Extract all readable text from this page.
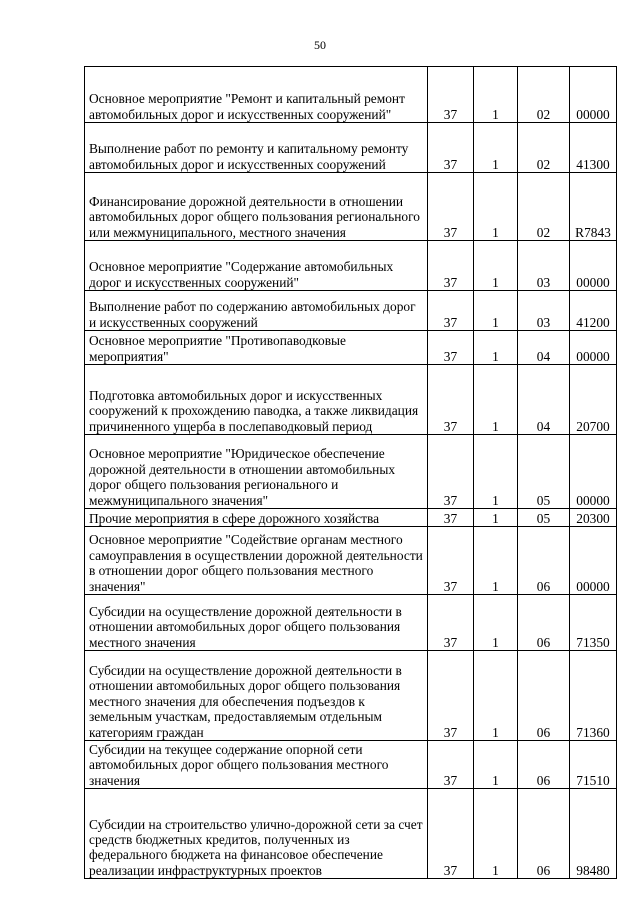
50
Основное мероприятие "Ремонт и капитальный ремонт автомобильных дорог и искусственных сооружений"	37	1	02	00000
Выполнение работ по ремонту и капитальному ремонту автомобильных дорог и искусственных сооружений	37	1	02	41300
Финансирование дорожной деятельности в отношении автомобильных дорог общего пользования регионального или межмуниципального, местного значения	37	1	02	R7843
Основное мероприятие "Содержание автомобильных дорог и искусственных сооружений"	37	1	03	00000
Выполнение работ по содержанию автомобильных дорог и искусственных сооружений	37	1	03	41200
Основное мероприятие "Противопаводковые мероприятия"	37	1	04	00000
Подготовка автомобильных дорог и искусственных сооружений к прохождению паводка, а также ликвидация причиненного ущерба в послепаводковый период	37	1	04	20700
Основное мероприятие "Юридическое обеспечение дорожной деятельности в отношении автомобильных дорог общего пользования регионального и межмуниципального значения"	37	1	05	00000
Прочие мероприятия в сфере дорожного хозяйства	37	1	05	20300
Основное мероприятие "Содействие органам местного самоуправления в осуществлении дорожной деятельности в отношении дорог общего пользования местного значения"	37	1	06	00000
Субсидии на осуществление дорожной деятельности в отношении автомобильных дорог общего пользования местного значения	37	1	06	71350
Субсидии на осуществление дорожной деятельности в отношении автомобильных дорог общего пользования местного значения для обеспечения подъездов к земельным участкам, предоставляемым отдельным категориям граждан	37	1	06	71360
Субсидии на текущее содержание опорной сети автомобильных дорог общего пользования местного значения	37	1	06	71510
Субсидии на строительство улично-дорожной сети за счет средств бюджетных кредитов, полученных из федерального бюджета на финансовое обеспечение реализации инфраструктурных проектов	37	1	06	98480
